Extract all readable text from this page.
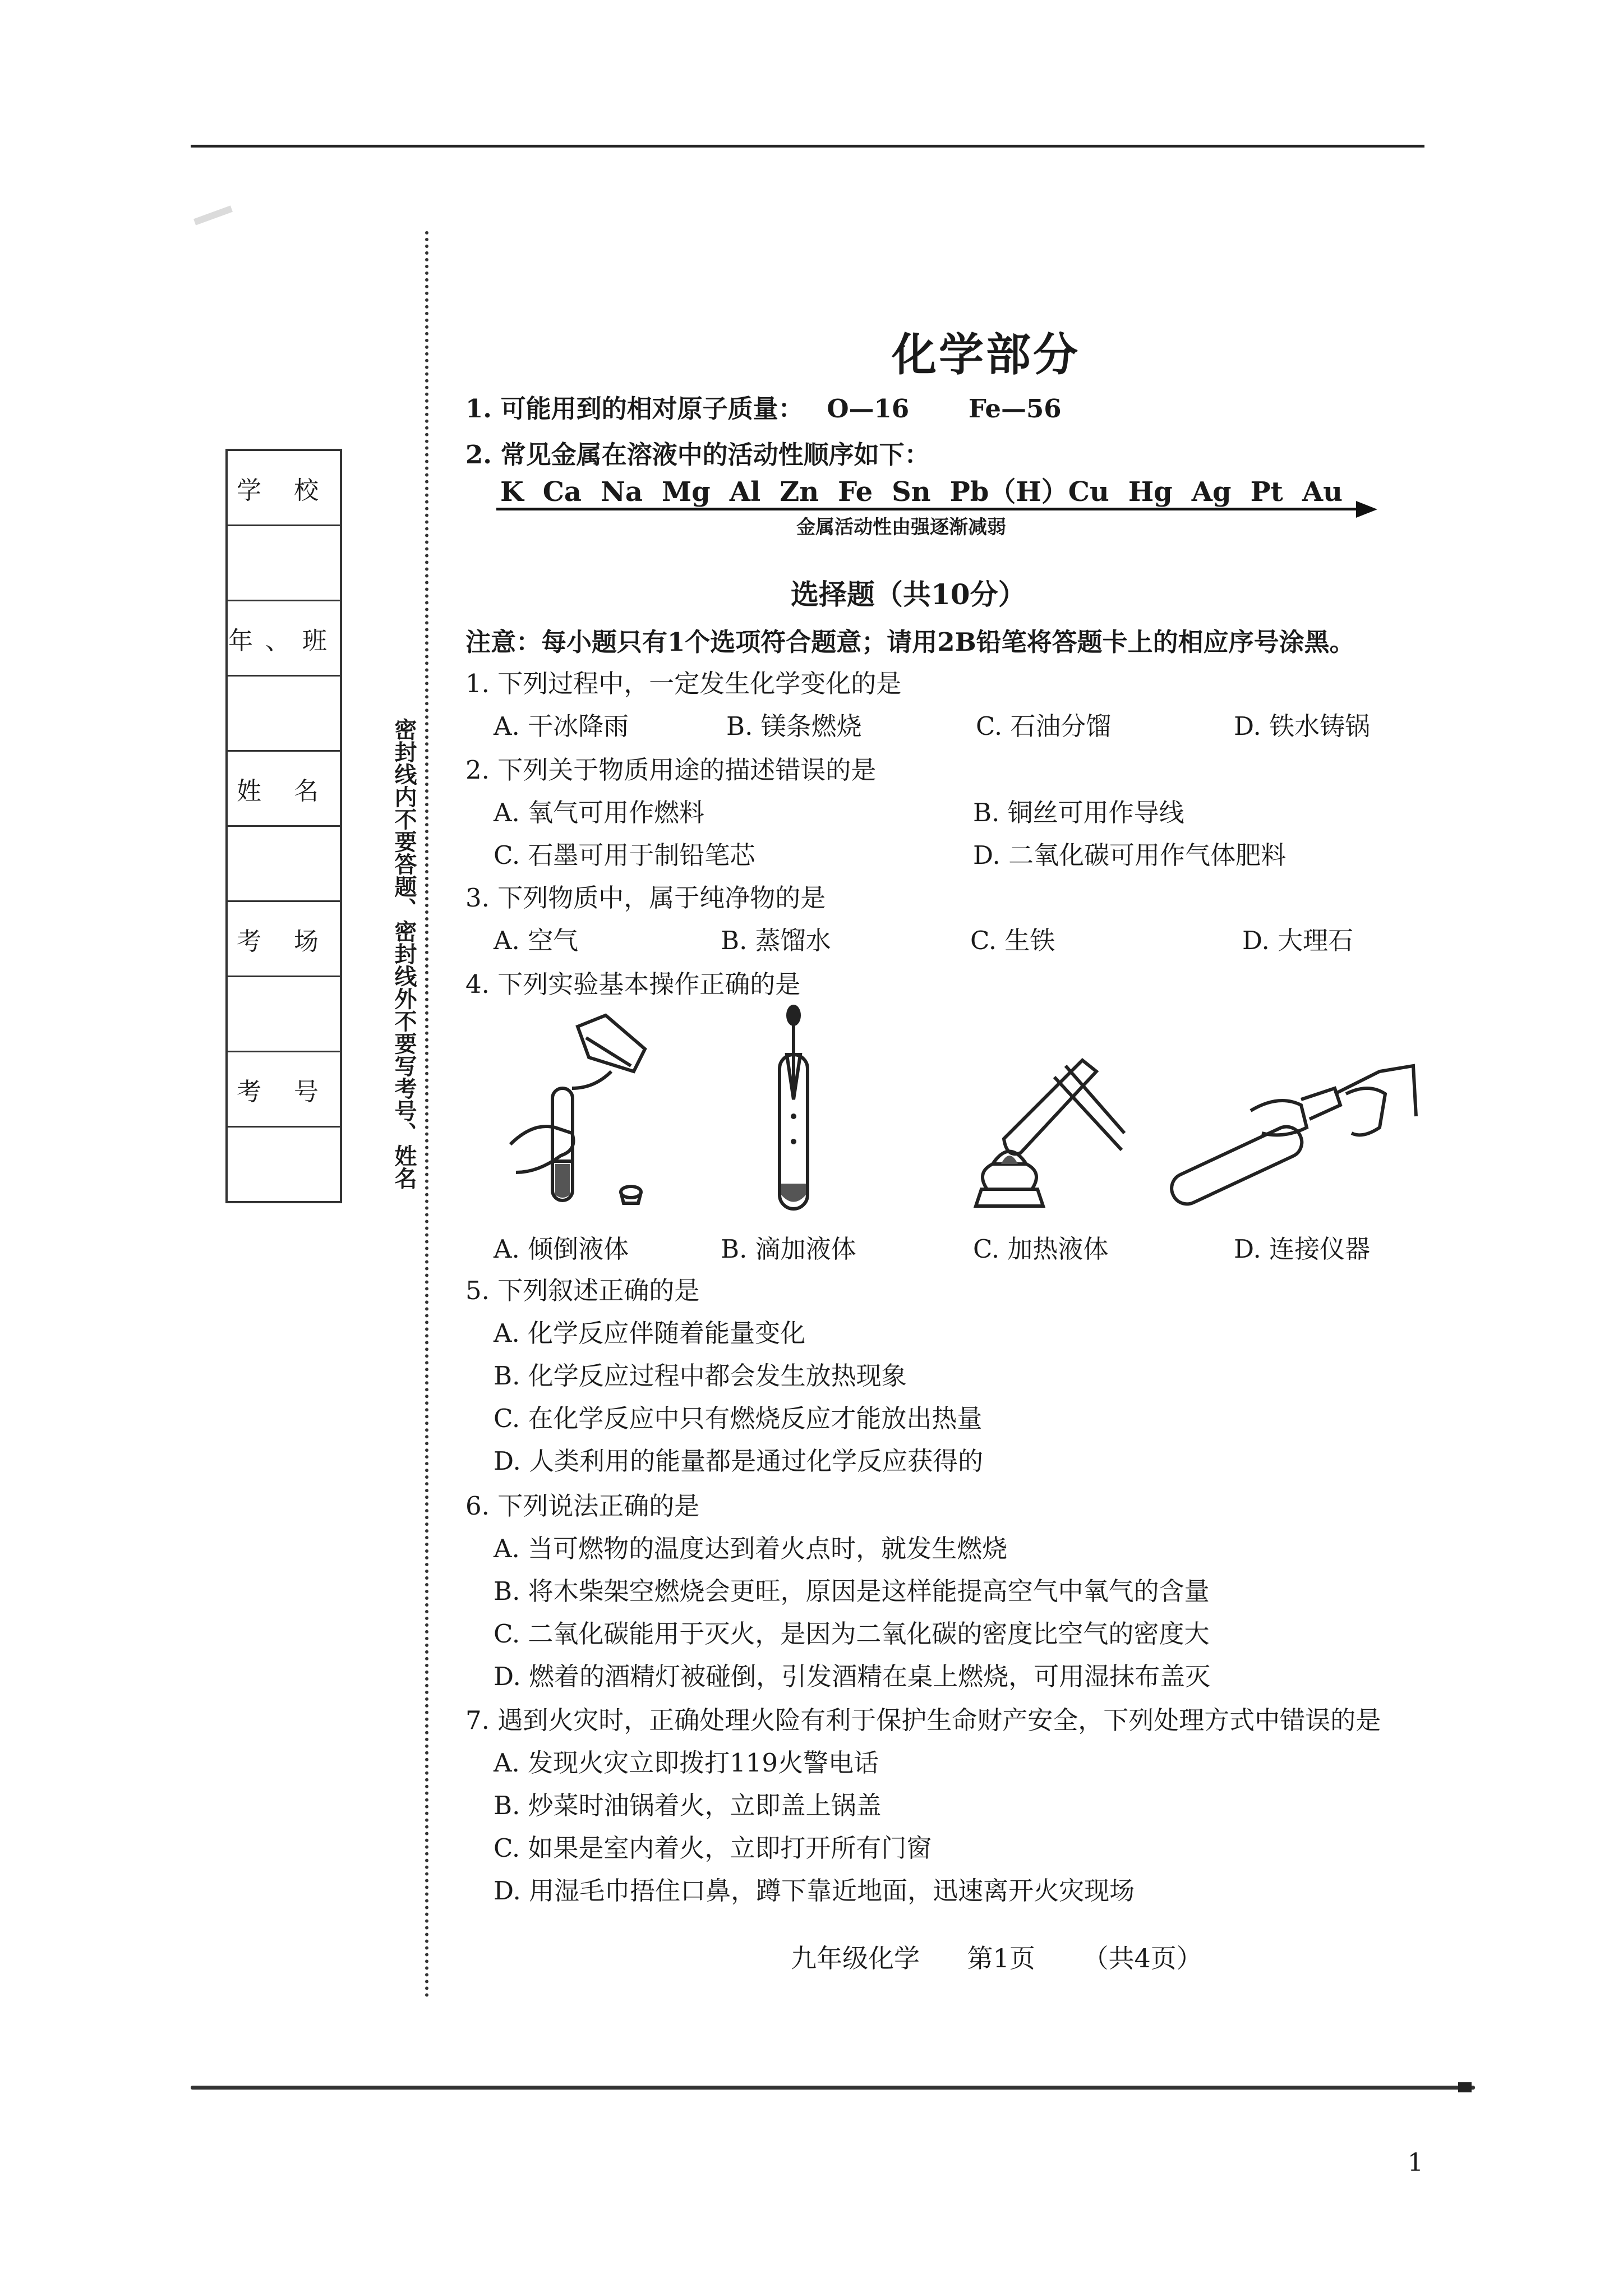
学 校
年、班
姓 名
考 场
考 号	密封线内不要答题、密封线外不要写考号、姓名
化学部分
1. 可能用到的相对原子质量： O—16 Fe—56
2. 常见金属在溶液中的活动性顺序如下：
K Ca Na Mg Al Zn Fe Sn Pb（H）Cu Hg Ag Pt Au
金属活动性由强逐渐减弱
选择题（共10分）
注意：每小题只有1个选项符合题意；请用2B铅笔将答题卡上的相应序号涂黑。
1. 下列过程中，一定发生化学变化的是
A. 干冰降雨	B. 镁条燃烧	C. 石油分馏	D. 铁水铸锅
2. 下列关于物质用途的描述错误的是
A. 氧气可用作燃料	B. 铜丝可用作导线
C. 石墨可用于制铅笔芯	D. 二氧化碳可用作气体肥料
3. 下列物质中，属于纯净物的是
A. 空气	B. 蒸馏水	C. 生铁	D. 大理石
4. 下列实验基本操作正确的是
A. 倾倒液体	B. 滴加液体	C. 加热液体	D. 连接仪器
5. 下列叙述正确的是
A. 化学反应伴随着能量变化
B. 化学反应过程中都会发生放热现象
C. 在化学反应中只有燃烧反应才能放出热量
D. 人类利用的能量都是通过化学反应获得的
6. 下列说法正确的是
A. 当可燃物的温度达到着火点时，就发生燃烧
B. 将木柴架空燃烧会更旺，原因是这样能提高空气中氧气的含量
C. 二氧化碳能用于灭火，是因为二氧化碳的密度比空气的密度大
D. 燃着的酒精灯被碰倒，引发酒精在桌上燃烧，可用湿抹布盖灭
7. 遇到火灾时，正确处理火险有利于保护生命财产安全，下列处理方式中错误的是
A. 发现火灾立即拨打119火警电话
B. 炒菜时油锅着火，立即盖上锅盖
C. 如果是室内着火，立即打开所有门窗
D. 用湿毛巾捂住口鼻，蹲下靠近地面，迅速离开火灾现场
九年级化学 第1页 （共4页）
1
